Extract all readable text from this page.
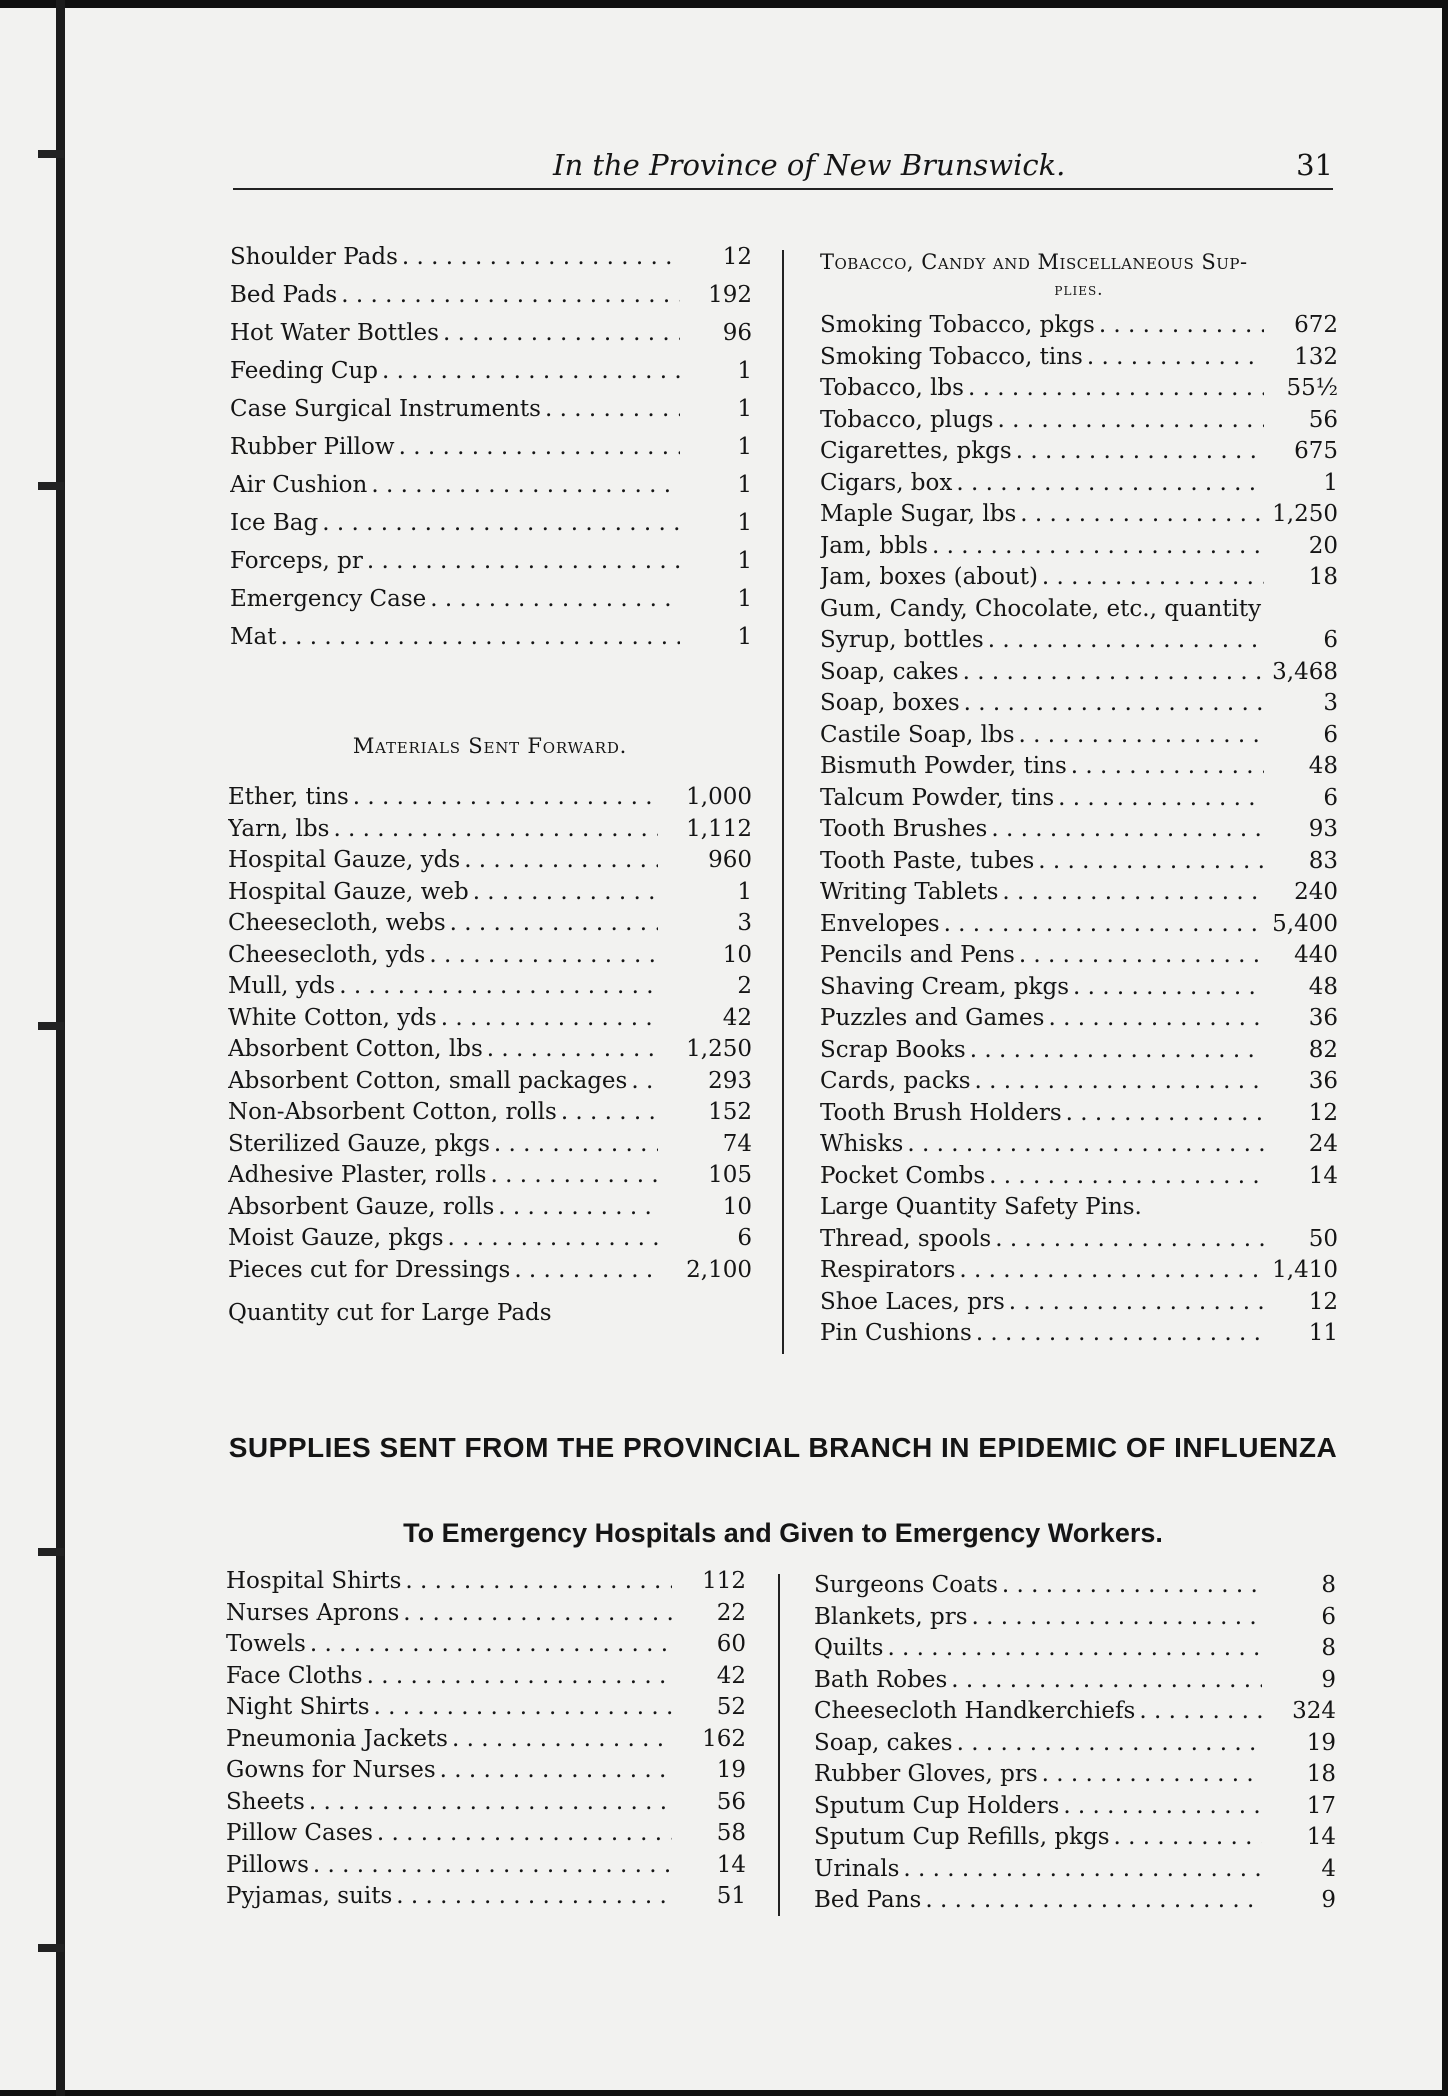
In the Province of New Brunswick.	31
Shoulder Pads . . .	12
Bed Pads . . .	192
Hot Water Bottles . . .	96
Feeding Cup . . .	1
Case Surgical Instruments . . .	1
Rubber Pillow . . .	1
Air Cushion . . .	1
Ice Bag . . .	1
Forceps, pr . . .	1
Emergency Case . . .	1
Mat . . .	1
Materials Sent Forward.
Ether, tins . . .	1,000
Yarn, lbs . . .	1,112
Hospital Gauze, yds . . .	960
Hospital Gauze, web . . .	1
Cheesecloth, webs . . .	3
Cheesecloth, yds . . .	10
Mull, yds . . .	2
White Cotton, yds . . .	42
Absorbent Cotton, lbs . . .	1,250
Absorbent Cotton, small packages . . .	293
Non-Absorbent Cotton, rolls . . .	152
Sterilized Gauze, pkgs . . .	74
Adhesive Plaster, rolls . . .	105
Absorbent Gauze, rolls . . .	10
Moist Gauze, pkgs . . .	6
Pieces cut for Dressings . . .	2,100
Quantity cut for Large Pads
Tobacco, Candy and Miscellaneous Sup-
plies.
Smoking Tobacco, pkgs . . .	672
Smoking Tobacco, tins . . .	132
Tobacco, lbs . . .	55½
Tobacco, plugs . . .	56
Cigarettes, pkgs . . .	675
Cigars, box . . .	1
Maple Sugar, lbs . . .	1,250
Jam, bbls . . .	20
Jam, boxes (about) . . .	18
Gum, Candy, Chocolate, etc., quantity
Syrup, bottles . . .	6
Soap, cakes . . .	3,468
Soap, boxes . . .	3
Castile Soap, lbs . . .	6
Bismuth Powder, tins . . .	48
Talcum Powder, tins . . .	6
Tooth Brushes . . .	93
Tooth Paste, tubes . . .	83
Writing Tablets . . .	240
Envelopes . . .	5,400
Pencils and Pens . . .	440
Shaving Cream, pkgs . . .	48
Puzzles and Games . . .	36
Scrap Books . . .	82
Cards, packs . . .	36
Tooth Brush Holders . . .	12
Whisks . . .	24
Pocket Combs . . .	14
Large Quantity Safety Pins.
Thread, spools . . .	50
Respirators . . .	1,410
Shoe Laces, prs . . .	12
Pin Cushions . . .	11
SUPPLIES SENT FROM THE PROVINCIAL BRANCH IN EPIDEMIC OF INFLUENZA
To Emergency Hospitals and Given to Emergency Workers.
Hospital Shirts . . .	112
Nurses Aprons . . .	22
Towels . . .	60
Face Cloths . . .	42
Night Shirts . . .	52
Pneumonia Jackets . . .	162
Gowns for Nurses . . .	19
Sheets . . .	56
Pillow Cases . . .	58
Pillows . . .	14
Pyjamas, suits . . .	51
Surgeons Coats . . .	8
Blankets, prs . . .	6
Quilts . . .	8
Bath Robes . . .	9
Cheesecloth Handkerchiefs . . .	324
Soap, cakes . . .	19
Rubber Gloves, prs . . .	18
Sputum Cup Holders . . .	17
Sputum Cup Refills, pkgs . . .	14
Urinals . . .	4
Bed Pans . . .	9
